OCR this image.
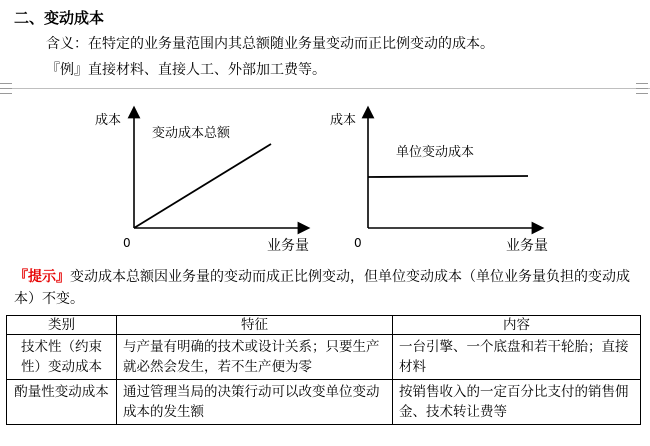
二、变动成本
含义：在特定的业务量范围内其总额随业务量变动而正比例变动的成本。
『例』直接材料、直接人工、外部加工费等。
成本
变动成本总额
0	业务量
成本
单位变动成本
0	业务量
『提示』变动成本总额因业务量的变动而成正比例变动，但单位变动成本（单位业务量负担的变动成本）不变。
类别	特征	内容
技术性（约束性）变动成本	与产量有明确的技术或设计关系；只要生产就必然会发生，若不生产便为零	一台引擎、一个底盘和若干轮胎；直接材料
酌量性变动成本	通过管理当局的决策行动可以改变单位变动成本的发生额	按销售收入的一定百分比支付的销售佣金、技术转让费等
